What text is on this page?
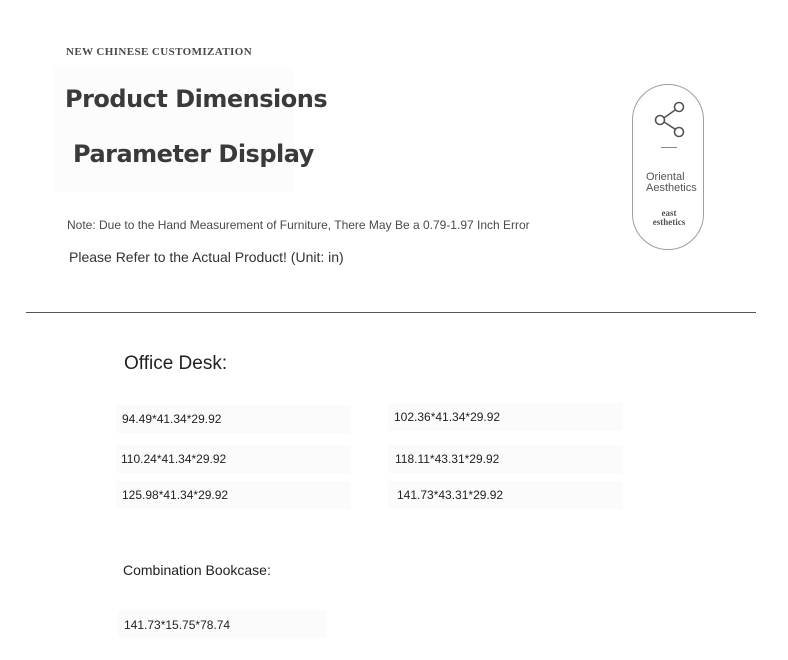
NEW CHINESE CUSTOMIZATION
Product Dimensions
Parameter Display
Note: Due to the Hand Measurement of Furniture, There May Be a 0.79-1.97 Inch Error
Please Refer to the Actual Product! (Unit: in)
Oriental
Aesthetics
east
esthetics
Office Desk:
94.49*41.34*29.92
110.24*41.34*29.92
125.98*41.34*29.92
102.36*41.34*29.92
118.11*43.31*29.92
141.73*43.31*29.92
Combination Bookcase:
141.73*15.75*78.74
